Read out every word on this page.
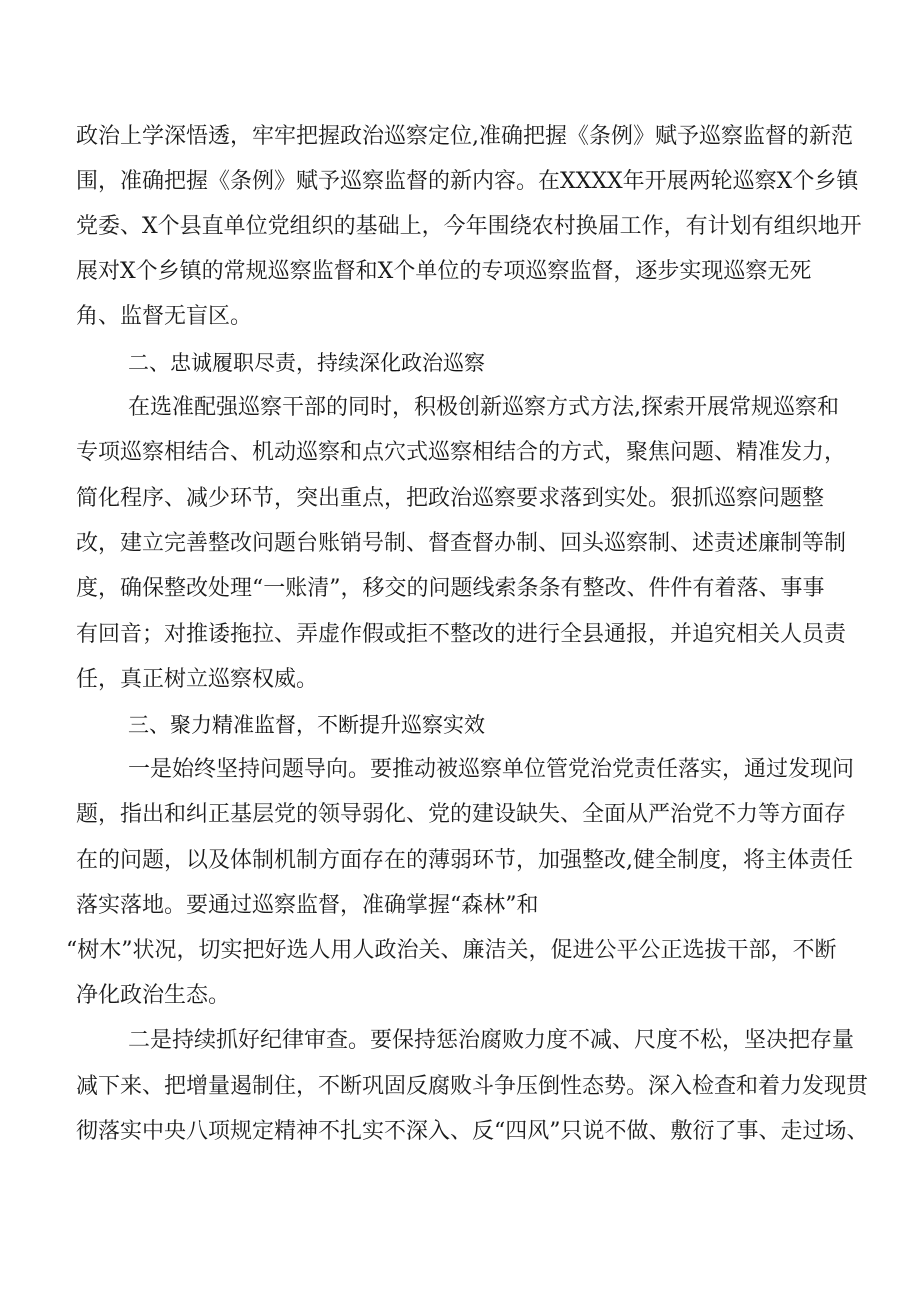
政治上学深悟透，牢牢把握政治巡察定位,准确把握《条例》赋予巡察监督的新范
围，准确把握《条例》赋予巡察监督的新内容。在XXXX年开展两轮巡察X个乡镇
党委、X个县直单位党组织的基础上，今年围绕农村换届工作，有计划有组织地开
展对X个乡镇的常规巡察监督和X个单位的专项巡察监督，逐步实现巡察无死
角、监督无盲区。
二、忠诚履职尽责，持续深化政治巡察
在选准配强巡察干部的同时，积极创新巡察方式方法,探索开展常规巡察和
专项巡察相结合、机动巡察和点穴式巡察相结合的方式，聚焦问题、精准发力，
简化程序、减少环节，突出重点，把政治巡察要求落到实处。狠抓巡察问题整
改，建立完善整改问题台账销号制、督查督办制、回头巡察制、述责述廉制等制
度，确保整改处理“一账清”，移交的问题线索条条有整改、件件有着落、事事
有回音；对推诿拖拉、弄虚作假或拒不整改的进行全县通报，并追究相关人员责
任，真正树立巡察权威。
三、聚力精准监督，不断提升巡察实效
一是始终坚持问题导向。要推动被巡察单位管党治党责任落实，通过发现问
题，指出和纠正基层党的领导弱化、党的建设缺失、全面从严治党不力等方面存
在的问题，以及体制机制方面存在的薄弱环节，加强整改,健全制度，将主体责任
落实落地。要通过巡察监督，准确掌握“森林”和
“树木”状况，切实把好选人用人政治关、廉洁关，促进公平公正选拔干部，不断
净化政治生态。
二是持续抓好纪律审查。要保持惩治腐败力度不减、尺度不松，坚决把存量
减下来、把增量遏制住，不断巩固反腐败斗争压倒性态势。深入检查和着力发现贯
彻落实中央八项规定精神不扎实不深入、反“四风”只说不做、敷衍了事、走过场、
